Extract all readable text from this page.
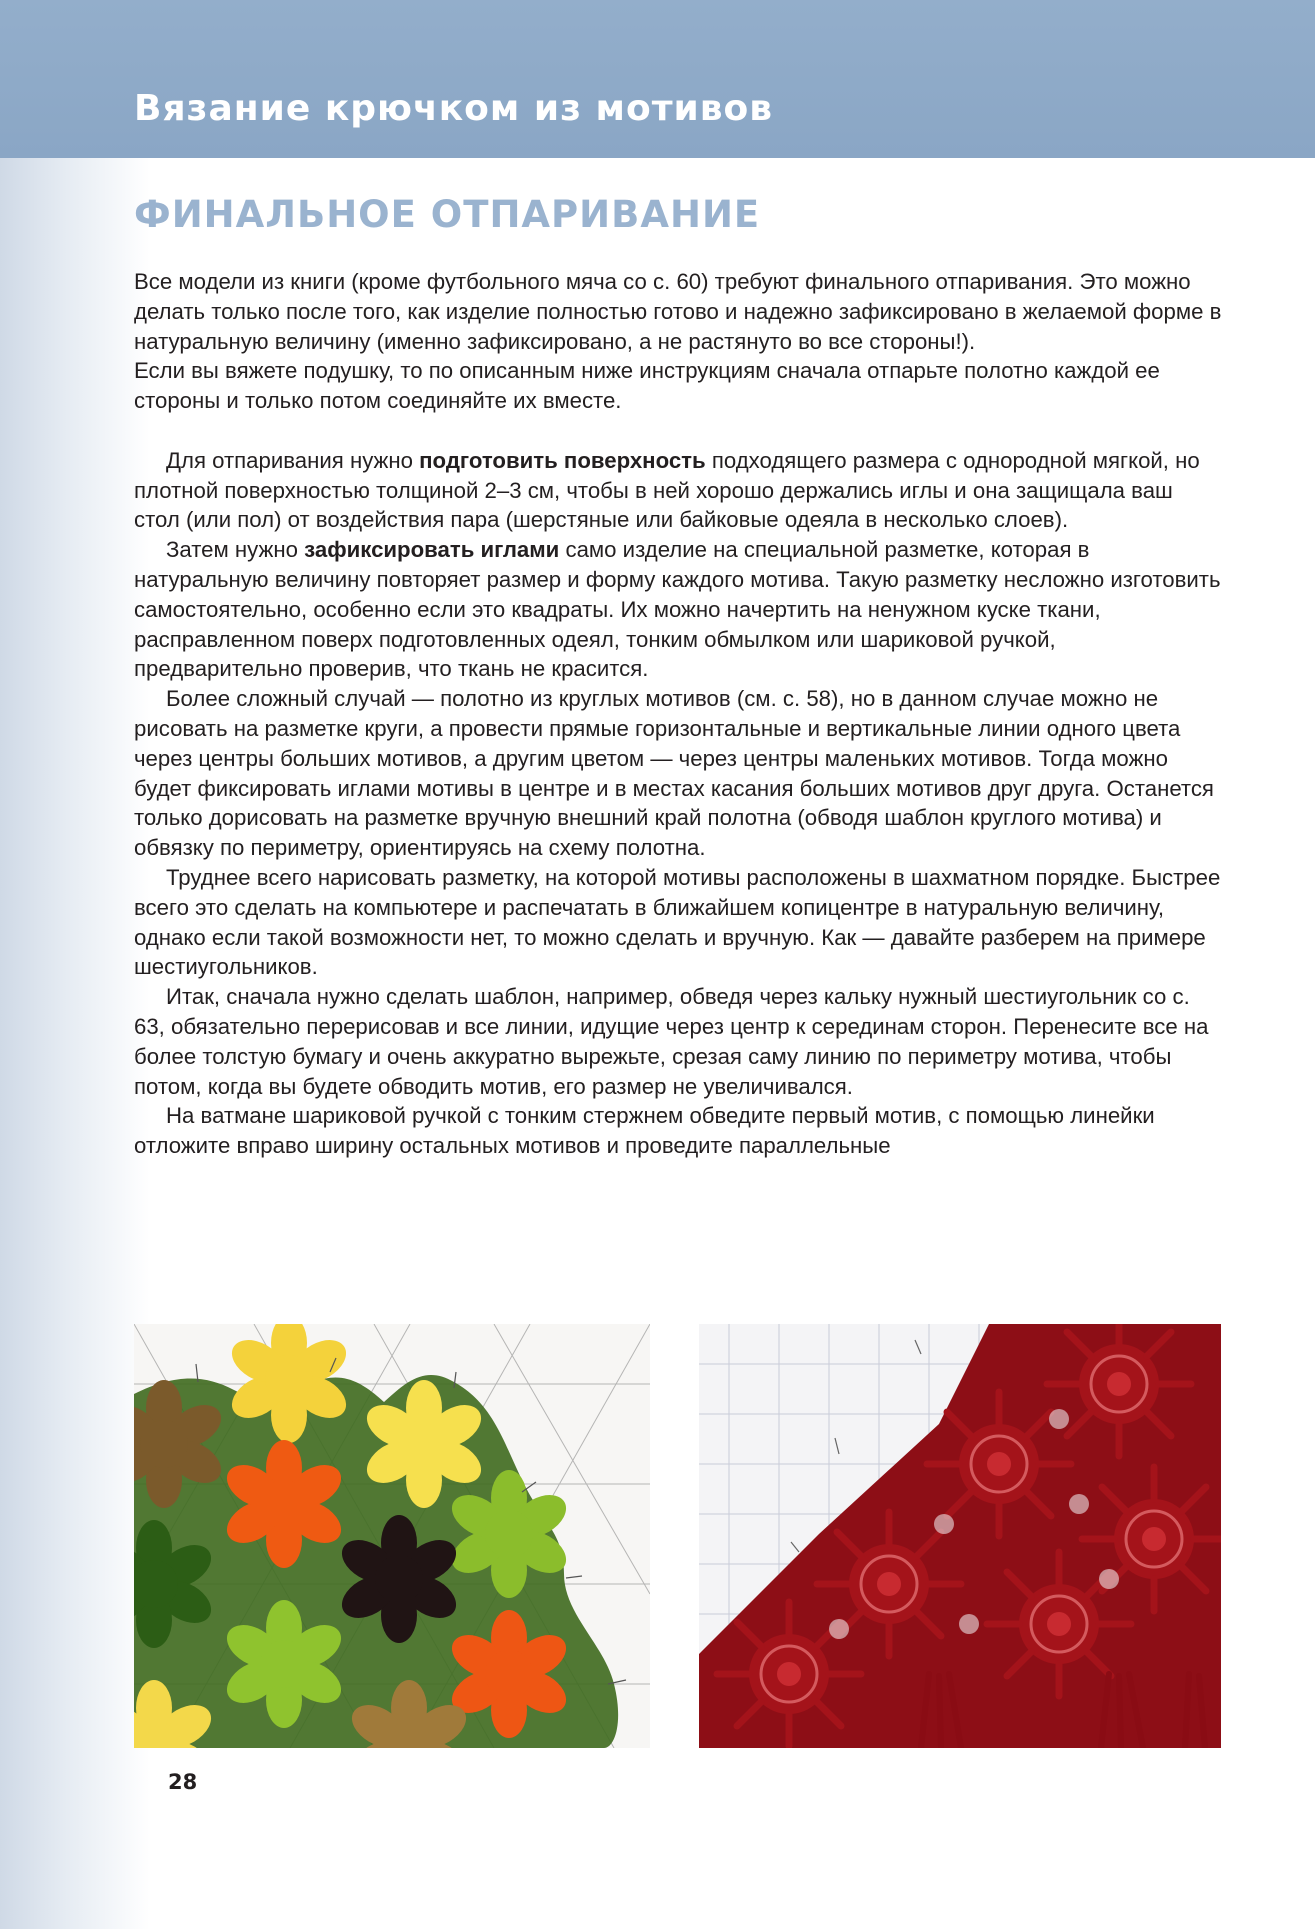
Вязание крючком из мотивов
ФИНАЛЬНОЕ ОТПАРИВАНИЕ

Все модели из книги (кроме футбольного мяча со с. 60) требуют финального отпаривания. Это можно делать только после того, как изделие полностью готово и надежно зафиксировано в желаемой форме в натуральную величину (именно зафиксировано, а не растянуто во все стороны!).

Если вы вяжете подушку, то по описанным ниже инструкциям сначала отпарьте полотно каждой ее стороны и только потом соединяйте их вместе.

Для отпаривания нужно подготовить поверхность подходящего размера с однородной мягкой, но плотной поверхностью толщиной 2–3 см, чтобы в ней хорошо держались иглы и она защищала ваш стол (или пол) от воздействия пара (шерстяные или байковые одеяла в несколько слоев).

Затем нужно зафиксировать иглами само изделие на специальной разметке, которая в натуральную величину повторяет размер и форму каждого мотива. Такую разметку несложно изготовить самостоятельно, особенно если это квадраты. Их можно начертить на ненужном куске ткани, расправленном поверх подготовленных одеял, тонким обмылком или шариковой ручкой, предварительно проверив, что ткань не красится.

Более сложный случай — полотно из круглых мотивов (см. с. 58), но в данном случае можно не рисовать на разметке круги, а провести прямые горизонтальные и вертикальные линии одного цвета через центры больших мотивов, а другим цветом — через центры маленьких мотивов. Тогда можно будет фиксировать иглами мотивы в центре и в местах касания больших мотивов друг друга. Останется только дорисовать на разметке вручную внешний край полотна (обводя шаблон круглого мотива) и обвязку по периметру, ориентируясь на схему полотна.

Труднее всего нарисовать разметку, на которой мотивы расположены в шахматном порядке. Быстрее всего это сделать на компьютере и распечатать в ближайшем копицентре в натуральную величину, однако если такой возможности нет, то можно сделать и вручную. Как — давайте разберем на примере шестиугольников.

Итак, сначала нужно сделать шаблон, например, обведя через кальку нужный шестиугольник со с. 63, обязательно перерисовав и все линии, идущие через центр к серединам сторон. Перенесите все на более толстую бумагу и очень аккуратно вырежьте, срезая саму линию по периметру мотива, чтобы потом, когда вы будете обводить мотив, его размер не увеличивался.

На ватмане шариковой ручкой с тонким стержнем обведите первый мотив, с помощью линейки отложите вправо ширину остальных мотивов и проведите параллельные

28
